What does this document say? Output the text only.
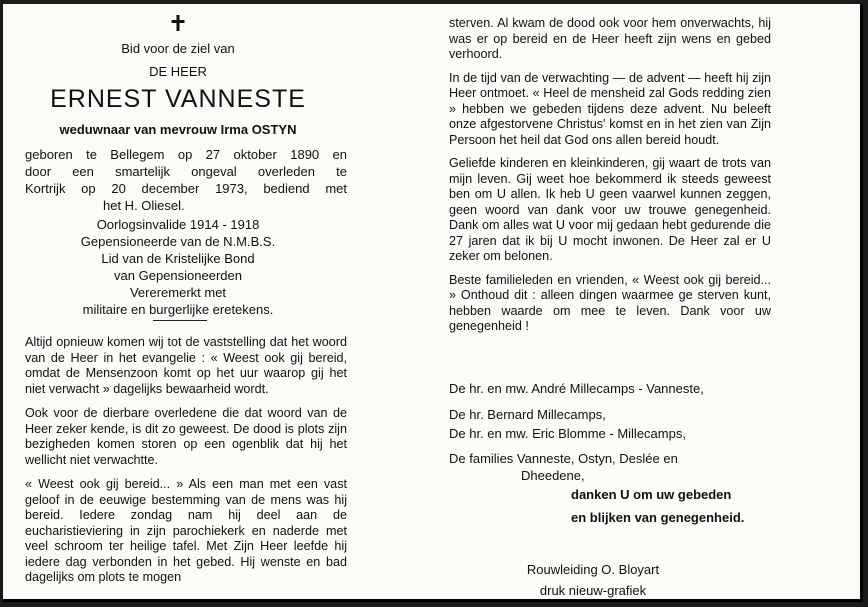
Bid voor de ziel van
DE HEER
ERNEST VANNESTE
weduwnaar van mevrouw Irma OSTYN
geboren te Bellegem op 27 oktober 1890 en
door een smartelijk ongeval overleden te
Kortrijk op 20 december 1973, bediend met
het H. Oliesel.
Oorlogsinvalide 1914 - 1918
Gepensioneerde van de N.M.B.S.
Lid van de Kristelijke Bond
van Gepensioneerden
Vereremerkt met
militaire en burgerlijke eretekens.

Altijd opnieuw komen wij tot de vaststelling dat het woord van de Heer in het evangelie : « Weest ook gij bereid, omdat de Mensenzoon komt op het uur waarop gij het niet verwacht » dagelijks bewaarheid wordt.

Ook voor de dierbare overledene die dat woord van de Heer zeker kende, is dit zo geweest. De dood is plots zijn bezigheden komen storen op een ogenblik dat hij het wellicht niet verwachtte.

« Weest ook gij bereid... » Als een man met een vast geloof in de eeuwige bestemming van de mens was hij bereid. Iedere zondag nam hij deel aan de eucharistieviering in zijn parochiekerk en naderde met veel schroom ter heilige tafel. Met Zijn Heer leefde hij iedere dag verbonden in het gebed. Hij wenste en bad dagelijks om plots te mogen

sterven. Al kwam de dood ook voor hem onverwachts, hij was er op bereid en de Heer heeft zijn wens en gebed verhoord.

In de tijd van de verwachting — de advent — heeft hij zijn Heer ontmoet. « Heel de mensheid zal Gods redding zien » hebben we gebeden tijdens deze advent. Nu beleeft onze afgestorvene Christus' komst en in het zien van Zijn Persoon het heil dat God ons allen bereid houdt.

Geliefde kinderen en kleinkinderen, gij waart de trots van mijn leven. Gij weet hoe bekommerd ik steeds geweest ben om U allen. Ik heb U geen vaarwel kunnen zeggen, geen woord van dank voor uw trouwe genegenheid. Dank om alles wat U voor mij gedaan hebt gedurende die 27 jaren dat ik bij U mocht inwonen. De Heer zal er U zeker om belonen.

Beste familieleden en vrienden, « Weest ook gij bereid... » Onthoud dit : alleen dingen waarmee ge sterven kunt, hebben waarde om mee te leven. Dank voor uw genegenheid !

De hr. en mw. André Millecamps - Vanneste,
De hr. Bernard Millecamps,
De hr. en mw. Eric Blomme - Millecamps,
De families Vanneste, Ostyn, Deslée en
Dheedene,
danken U om uw gebeden
en blijken van genegenheid.
Rouwleiding O. Bloyart
druk nieuw-grafiek
